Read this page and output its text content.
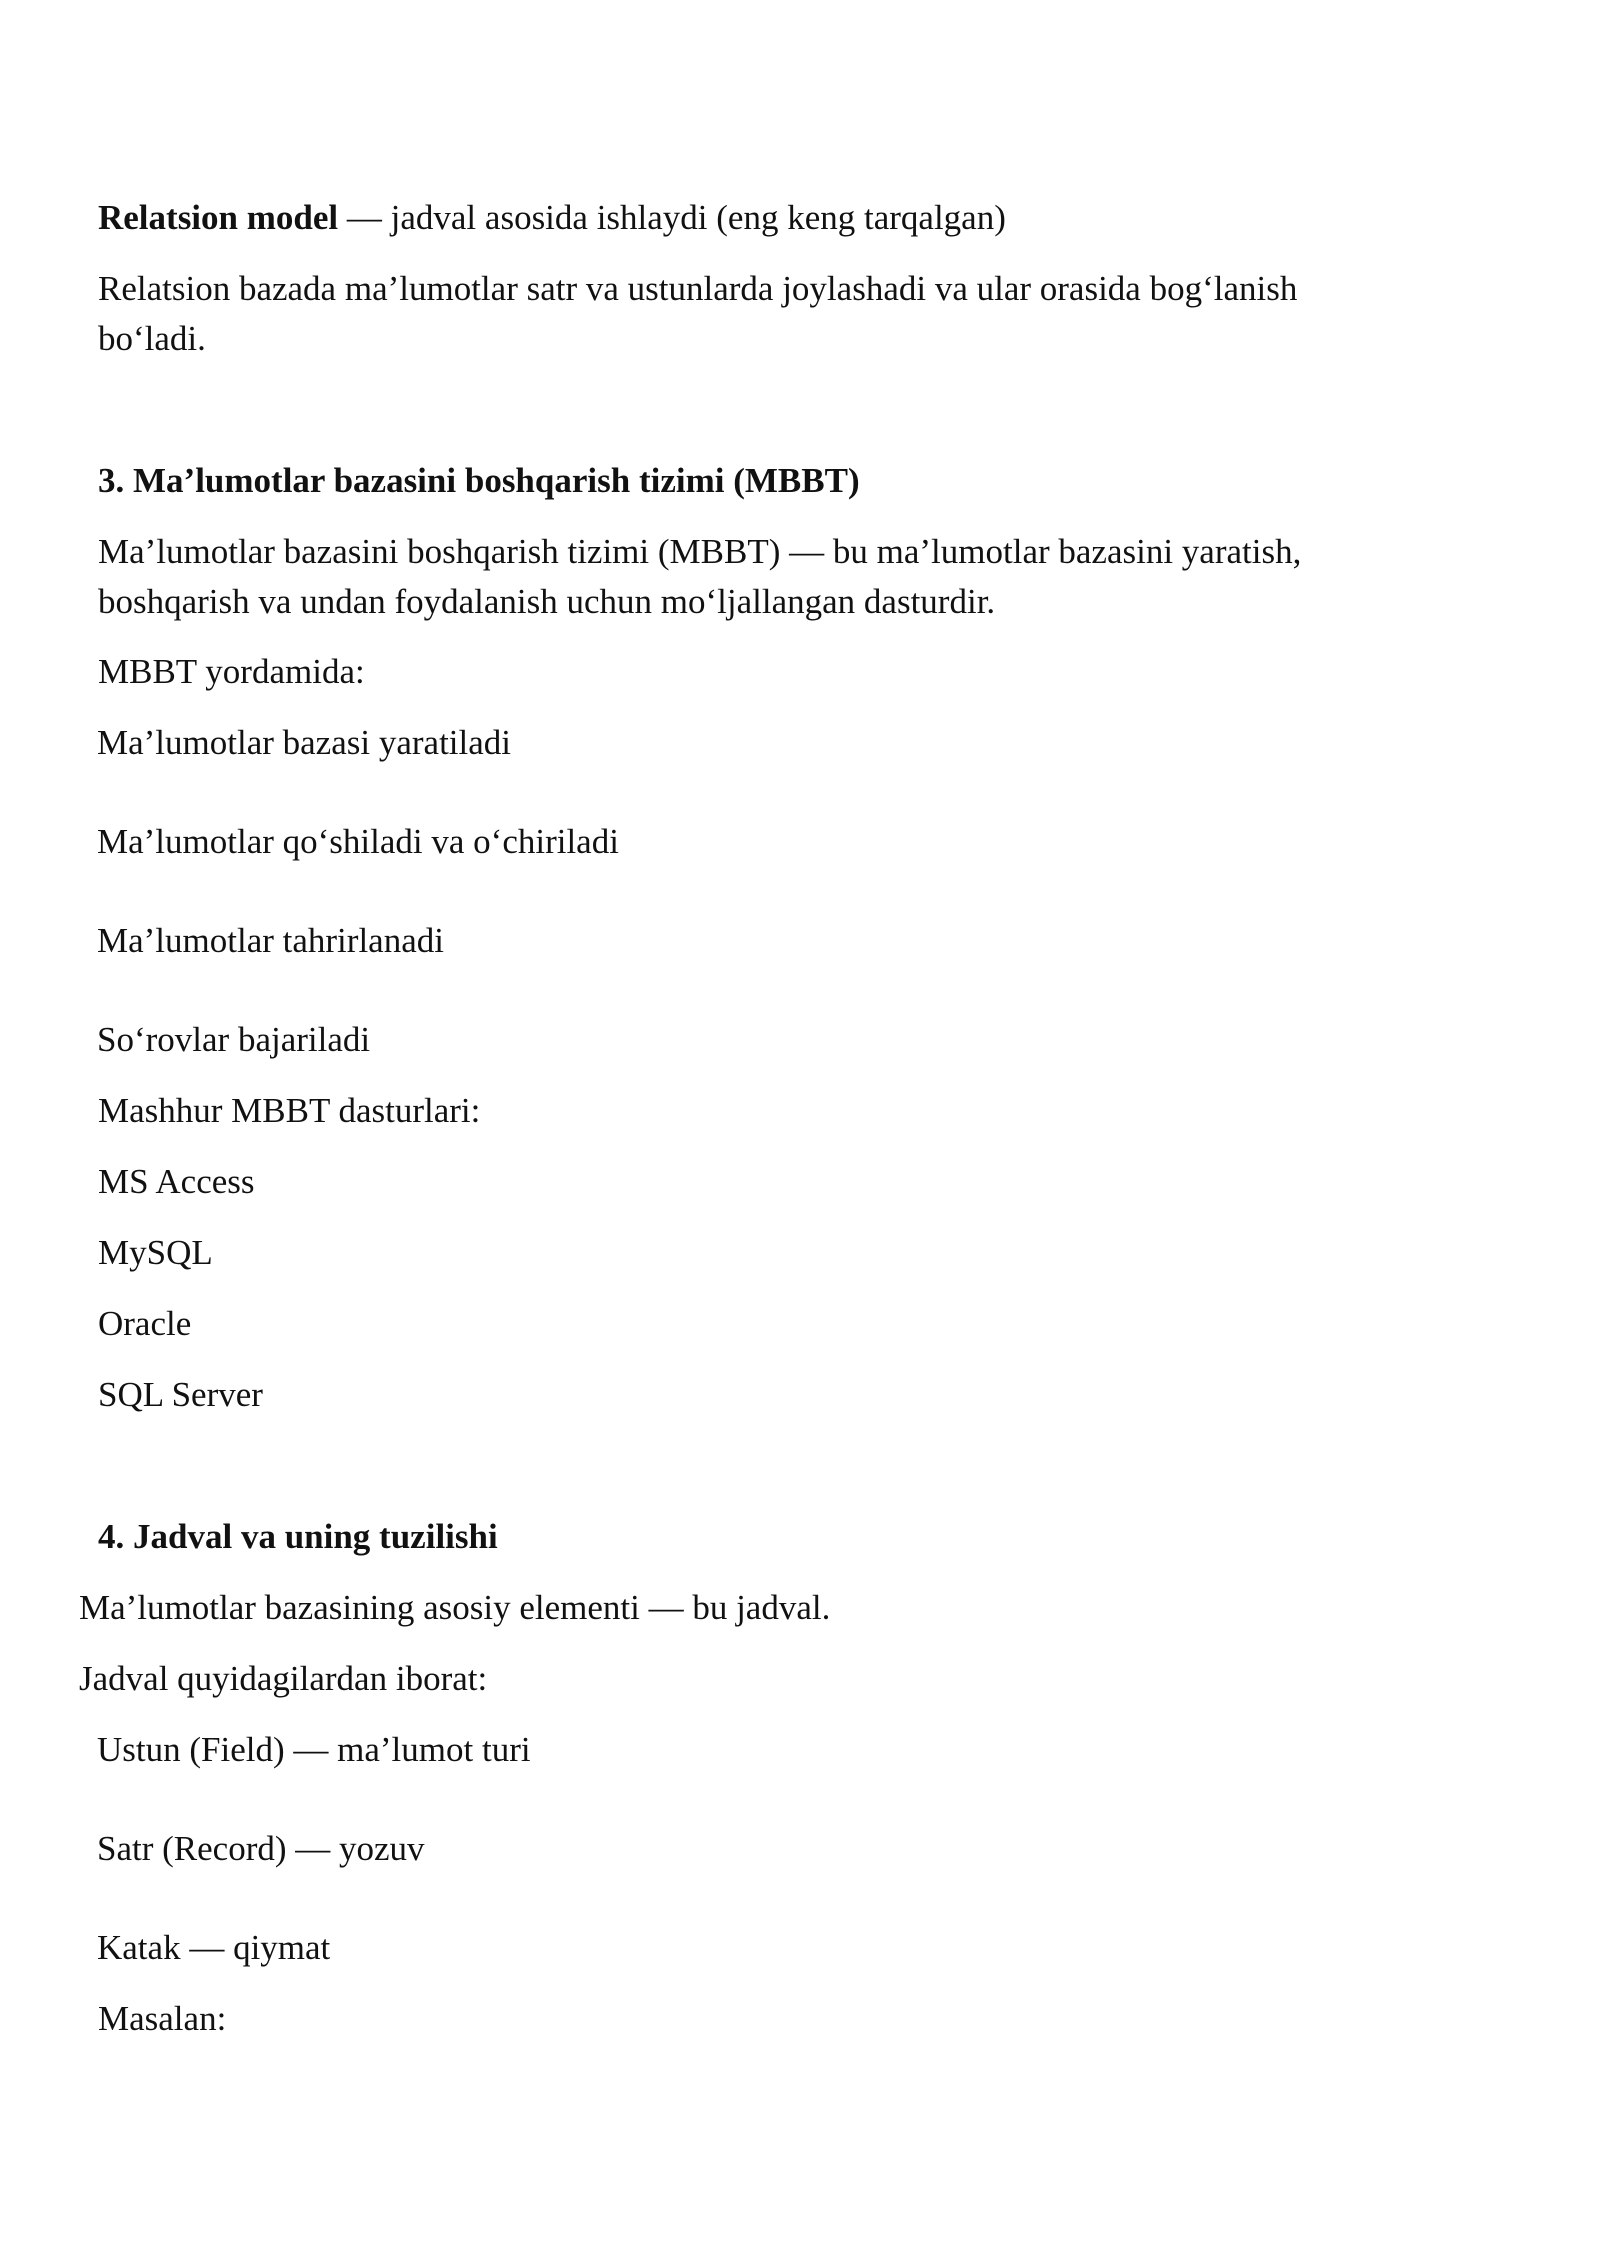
Relatsion model — jadval asosida ishlaydi (eng keng tarqalgan)

Relatsion bazada ma’lumotlar satr va ustunlarda joylashadi va ular orasida bog‘lanish

bo‘ladi.

3. Ma’lumotlar bazasini boshqarish tizimi (MBBT)

Ma’lumotlar bazasini boshqarish tizimi (MBBT) — bu ma’lumotlar bazasini yaratish,

boshqarish va undan foydalanish uchun mo‘ljallangan dasturdir.

MBBT yordamida:

Ma’lumotlar bazasi yaratiladi

Ma’lumotlar qo‘shiladi va o‘chiriladi

Ma’lumotlar tahrirlanadi

So‘rovlar bajariladi

Mashhur MBBT dasturlari:

MS Access

MySQL

Oracle

SQL Server

4. Jadval va uning tuzilishi

Ma’lumotlar bazasining asosiy elementi — bu jadval.

Jadval quyidagilardan iborat:

Ustun (Field) — ma’lumot turi

Satr (Record) — yozuv

Katak — qiymat

Masalan:
